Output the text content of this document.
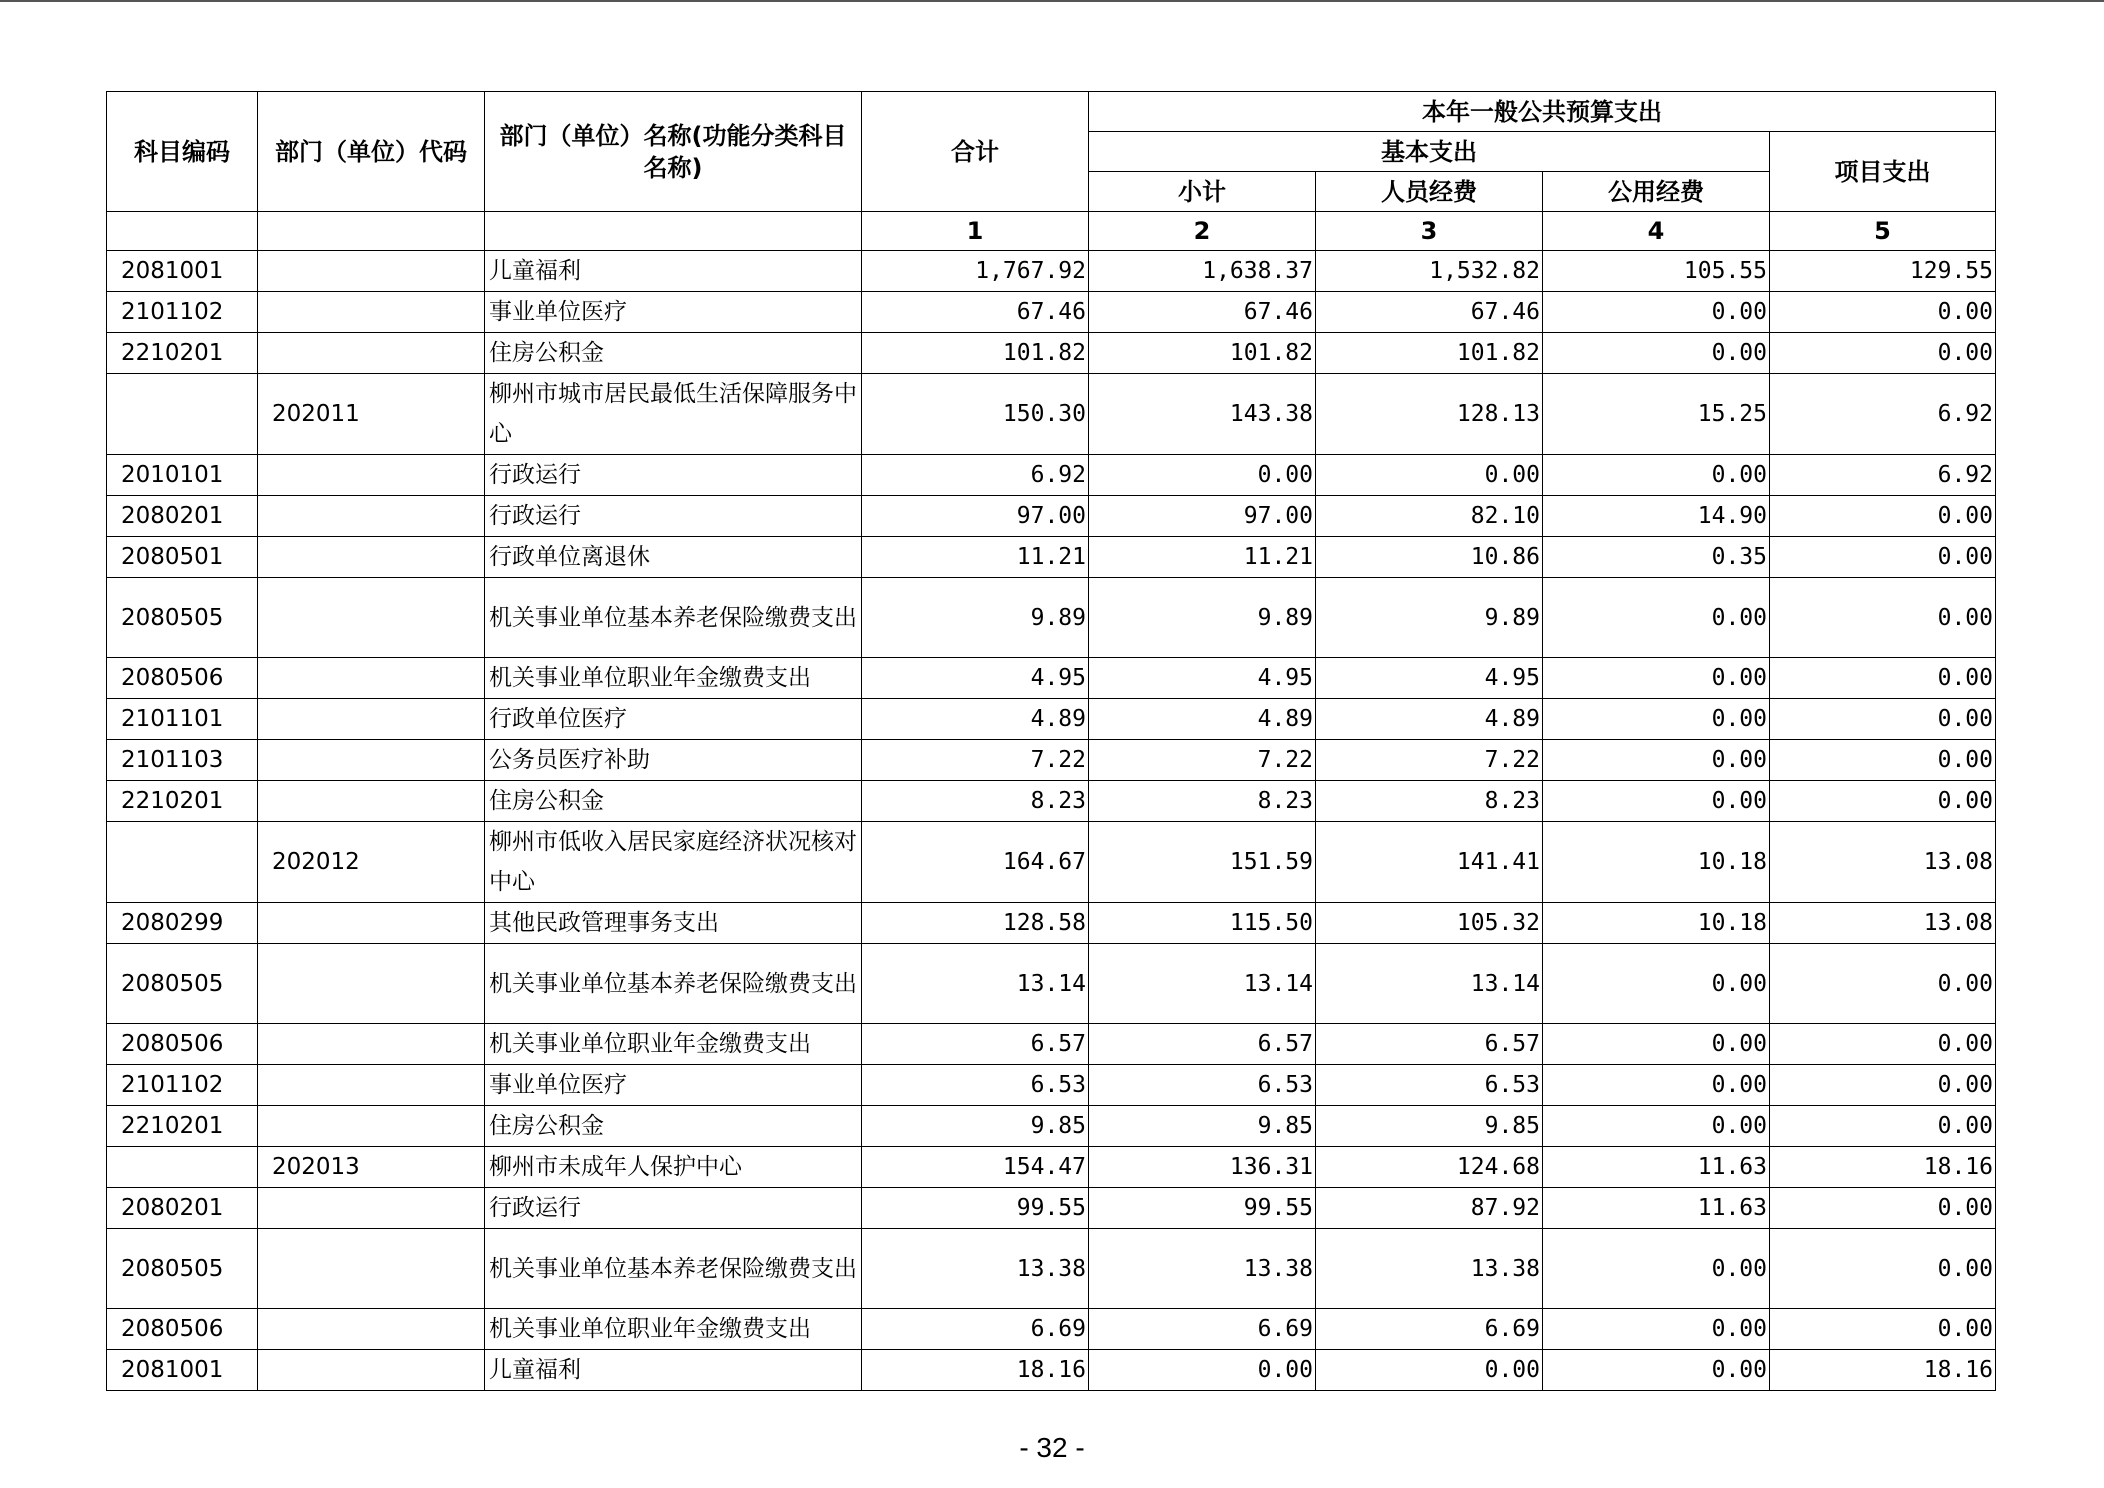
科目编码	部门（单位）代码	部门（单位）名称(功能分类科目名称)	合计	本年一般公共预算支出			
				基本支出			项目支出
				小计	人员经费	公用经费	
			1	2	3	4	5
2081001		儿童福利	1,767.92	1,638.37	1,532.82	105.55	129.55
2101102		事业单位医疗	67.46	67.46	67.46	0.00	0.00
2210201		住房公积金	101.82	101.82	101.82	0.00	0.00
	202011	柳州市城市居民最低生活保障服务中心	150.30	143.38	128.13	15.25	6.92
2010101		行政运行	6.92	0.00	0.00	0.00	6.92
2080201		行政运行	97.00	97.00	82.10	14.90	0.00
2080501		行政单位离退休	11.21	11.21	10.86	0.35	0.00
2080505		机关事业单位基本养老保险缴费支出	9.89	9.89	9.89	0.00	0.00
2080506		机关事业单位职业年金缴费支出	4.95	4.95	4.95	0.00	0.00
2101101		行政单位医疗	4.89	4.89	4.89	0.00	0.00
2101103		公务员医疗补助	7.22	7.22	7.22	0.00	0.00
2210201		住房公积金	8.23	8.23	8.23	0.00	0.00
	202012	柳州市低收入居民家庭经济状况核对中心	164.67	151.59	141.41	10.18	13.08
2080299		其他民政管理事务支出	128.58	115.50	105.32	10.18	13.08
2080505		机关事业单位基本养老保险缴费支出	13.14	13.14	13.14	0.00	0.00
2080506		机关事业单位职业年金缴费支出	6.57	6.57	6.57	0.00	0.00
2101102		事业单位医疗	6.53	6.53	6.53	0.00	0.00
2210201		住房公积金	9.85	9.85	9.85	0.00	0.00
	202013	柳州市未成年人保护中心	154.47	136.31	124.68	11.63	18.16
2080201		行政运行	99.55	99.55	87.92	11.63	0.00
2080505		机关事业单位基本养老保险缴费支出	13.38	13.38	13.38	0.00	0.00
2080506		机关事业单位职业年金缴费支出	6.69	6.69	6.69	0.00	0.00
2081001		儿童福利	18.16	0.00	0.00	0.00	18.16
- 32 -
